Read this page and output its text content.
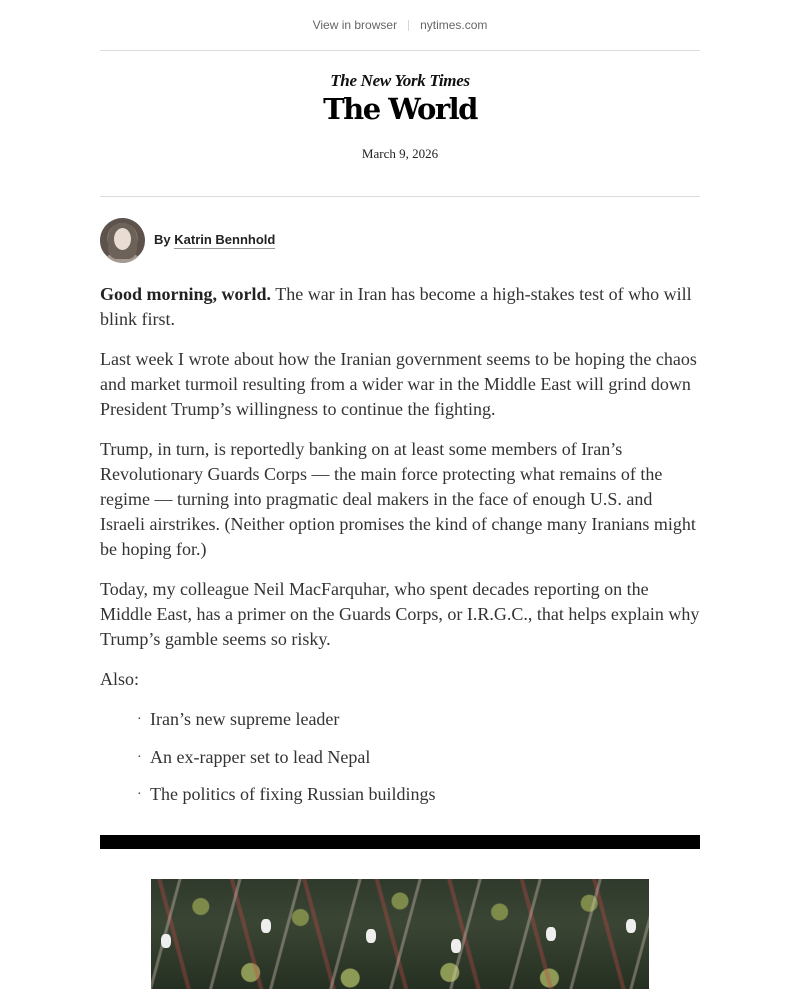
View in browser nytimes.com
The New York Times
The World
March 9, 2026
By Katrin Bennhold

Good morning, world. The war in Iran has become a high-stakes test of who will blink first.

Last week I wrote about how the Iranian government seems to be hoping the chaos and market turmoil resulting from a wider war in the Middle East will grind down President Trump’s willingness to continue the fighting.

Trump, in turn, is reportedly banking on at least some members of Iran’s Revolutionary Guards Corps — the main force protecting what remains of the regime — turning into pragmatic deal makers in the face of enough U.S. and Israeli airstrikes. (Neither option promises the kind of change many Iranians might be hoping for.)

Today, my colleague Neil MacFarquhar, who spent decades reporting on the Middle East, has a primer on the Guards Corps, or I.R.G.C., that helps explain why Trump’s gamble seems so risky.

Also:

· Iran’s new supreme leader
· An ex-rapper set to lead Nepal
· The politics of fixing Russian buildings
